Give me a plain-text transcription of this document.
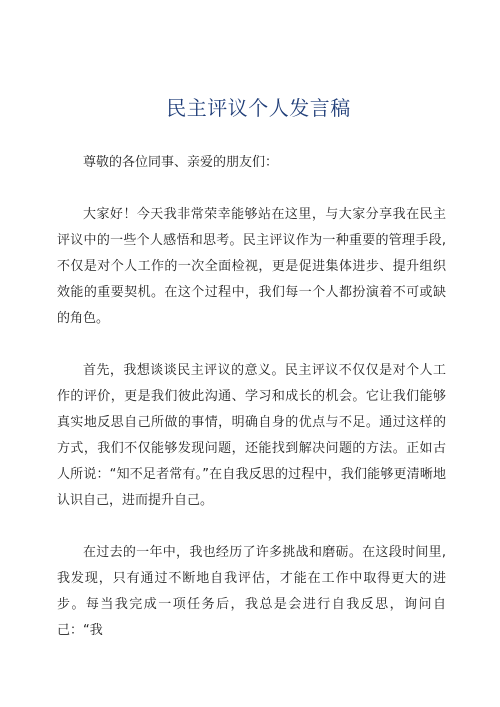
民主评议个人发言稿

尊敬的各位同事、亲爱的朋友们：

大家好！今天我非常荣幸能够站在这里，与大家分享我在民主评议中的一些个人感悟和思考。民主评议作为一种重要的管理手段,不仅是对个人工作的一次全面检视，更是促进集体进步、提升组织效能的重要契机。在这个过程中，我们每一个人都扮演着不可或缺的角色。

首先，我想谈谈民主评议的意义。民主评议不仅仅是对个人工作的评价，更是我们彼此沟通、学习和成长的机会。它让我们能够真实地反思自己所做的事情，明确自身的优点与不足。通过这样的方式，我们不仅能够发现问题，还能找到解决问题的方法。正如古人所说：“知不足者常有。”在自我反思的过程中，我们能够更清晰地认识自己，进而提升自己。

在过去的一年中，我也经历了许多挑战和磨砺。在这段时间里,我发现，只有通过不断地自我评估，才能在工作中取得更大的进步。每当我完成一项任务后，我总是会进行自我反思，询问自己：“我
